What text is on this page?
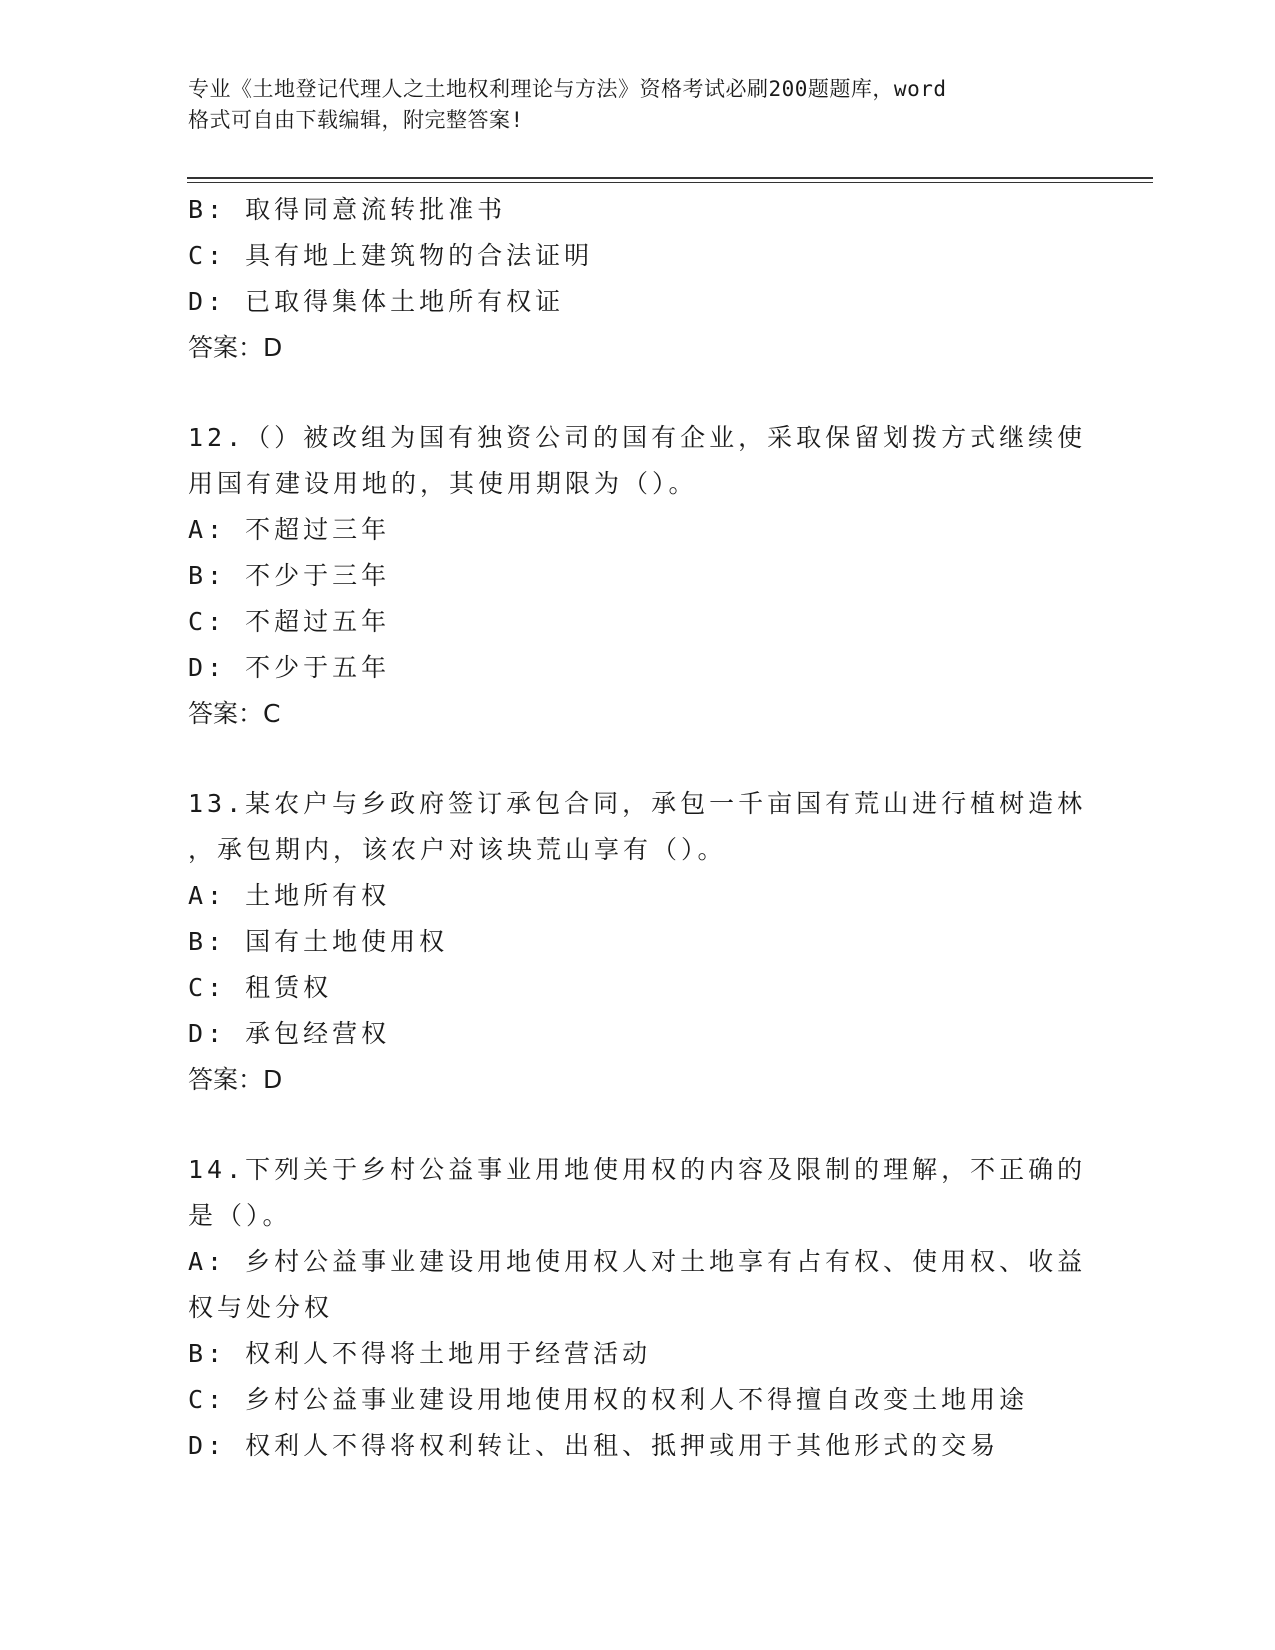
专业《土地登记代理人之土地权利理论与方法》资格考试必刷200题题库，word
格式可自由下载编辑，附完整答案!
B: 取得同意流转批准书
C: 具有地上建筑物的合法证明
D: 已取得集体土地所有权证
答案：D
12.（）被改组为国有独资公司的国有企业，采取保留划拨方式继续使
用国有建设用地的，其使用期限为（）。
A: 不超过三年
B: 不少于三年
C: 不超过五年
D: 不少于五年
答案：C
13.某农户与乡政府签订承包合同，承包一千亩国有荒山进行植树造林
，承包期内，该农户对该块荒山享有（）。
A: 土地所有权
B: 国有土地使用权
C: 租赁权
D: 承包经营权
答案：D
14.下列关于乡村公益事业用地使用权的内容及限制的理解，不正确的
是（）。
A: 乡村公益事业建设用地使用权人对土地享有占有权、使用权、收益
权与处分权
B: 权利人不得将土地用于经营活动
C: 乡村公益事业建设用地使用权的权利人不得擅自改变土地用途
D: 权利人不得将权利转让、出租、抵押或用于其他形式的交易
